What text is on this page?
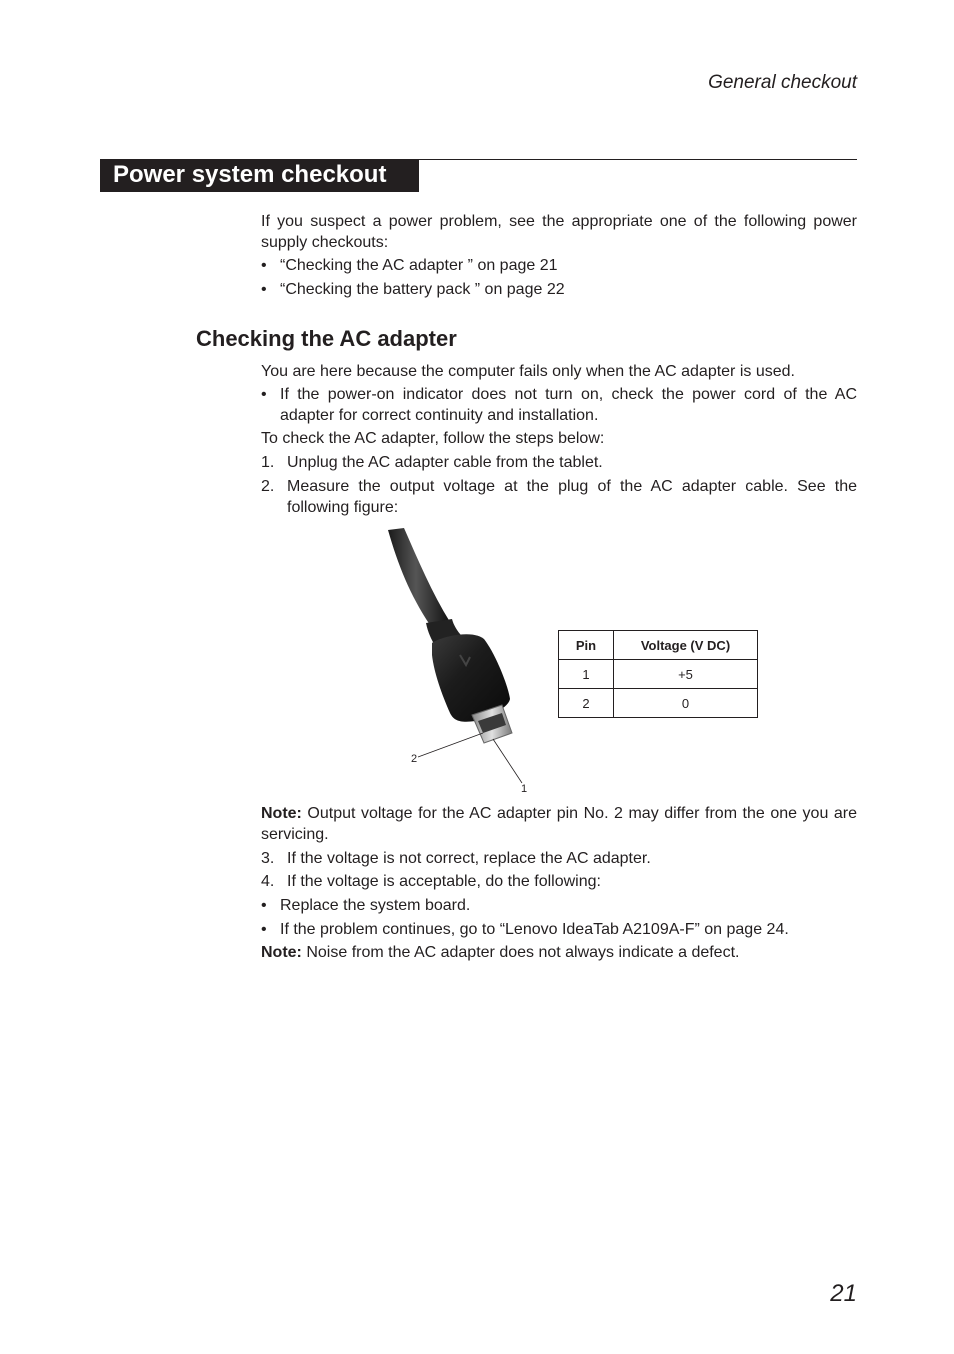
General checkout
Power system checkout
If you suspect a power problem, see the appropriate one of the following power supply checkouts:
• “Checking the AC adapter ” on page 21
• “Checking the battery pack ” on page 22
Checking the AC adapter
You are here because the computer fails only when the AC adapter is used.
• If the power-on indicator does not turn on, check the power cord of the AC adapter for correct continuity and installation.
To check the AC adapter, follow the steps below:
1. Unplug the AC adapter cable from the tablet.
2. Measure the output voltage at the plug of the AC adapter cable. See the following figure:
2
1
Pin	Voltage (V DC)
1	+5
2	0
Note: Output voltage for the AC adapter pin No. 2 may differ from the one you are servicing.
3. If the voltage is not correct, replace the AC adapter.
4. If the voltage is acceptable, do the following:
• Replace the system board.
• If the problem continues, go to “Lenovo IdeaTab A2109A-F” on page 24.
Note: Noise from the AC adapter does not always indicate a defect.
21
